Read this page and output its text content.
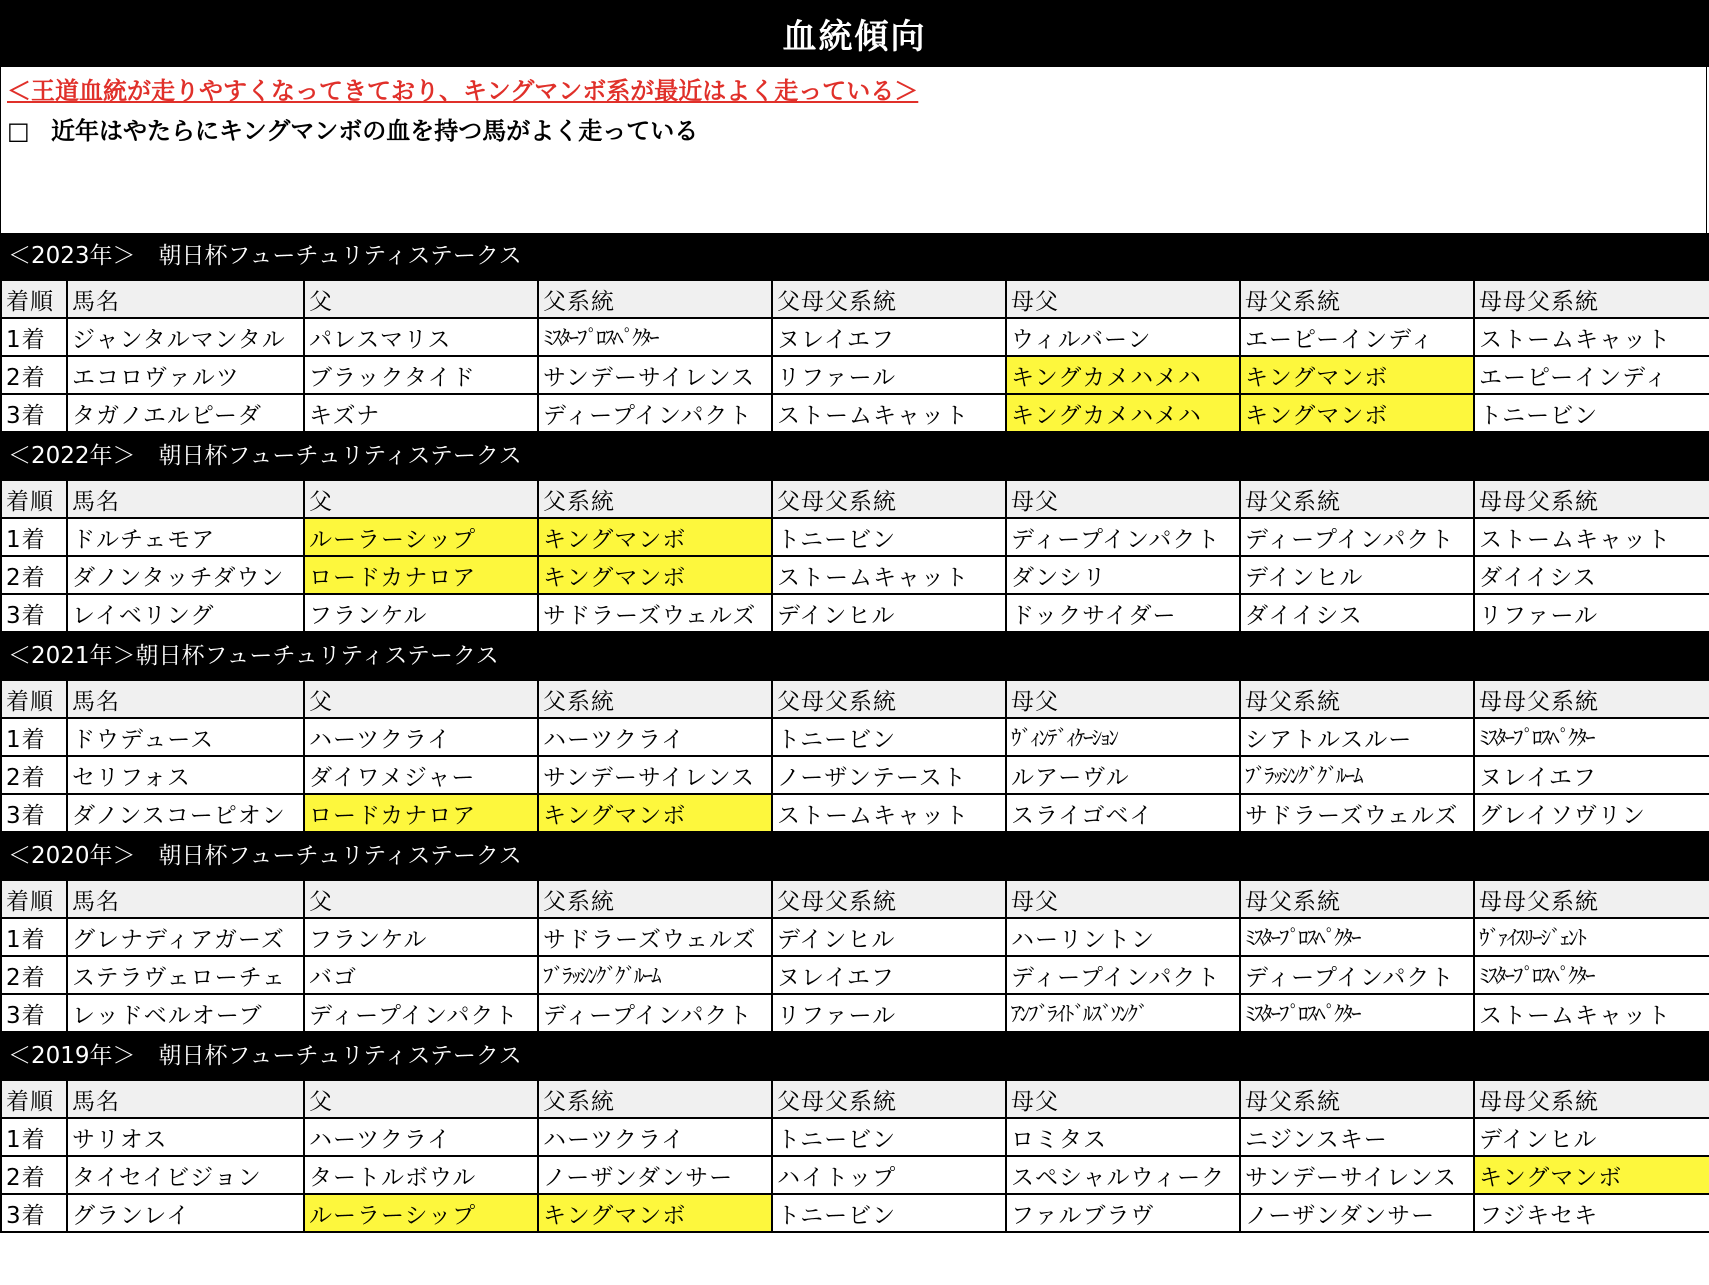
血統傾向
＜王道血統が走りやすくなってきており、キングマンボ系が最近はよく走っている＞
□ 近年はやたらにキングマンボの血を持つ馬がよく走っている
＜2023年＞　朝日杯フューチュリティステークス
着順	馬名	父	父系統	父母父系統	母父	母父系統	母母父系統
1着	ジャンタルマンタル	パレスマリス	ﾐｽﾀｰﾌﾟﾛｽﾍﾟｸﾀｰ	ヌレイエフ	ウィルバーン	エーピーインディ	ストームキャット
2着	エコロヴァルツ	ブラックタイド	サンデーサイレンス	リファール	キングカメハメハ	キングマンボ	エーピーインディ
3着	タガノエルピーダ	キズナ	ディープインパクト	ストームキャット	キングカメハメハ	キングマンボ	トニービン
＜2022年＞　朝日杯フューチュリティステークス
着順	馬名	父	父系統	父母父系統	母父	母父系統	母母父系統
1着	ドルチェモア	ルーラーシップ	キングマンボ	トニービン	ディープインパクト	ディープインパクト	ストームキャット
2着	ダノンタッチダウン	ロードカナロア	キングマンボ	ストームキャット	ダンシリ	デインヒル	ダイイシス
3着	レイベリング	フランケル	サドラーズウェルズ	デインヒル	ドックサイダー	ダイイシス	リファール
＜2021年＞朝日杯フューチュリティステークス
着順	馬名	父	父系統	父母父系統	母父	母父系統	母母父系統
1着	ドウデュース	ハーツクライ	ハーツクライ	トニービン	ｳﾞｨﾝﾃﾞｨｹｰｼｮﾝ	シアトルスルー	ﾐｽﾀｰﾌﾟﾛｽﾍﾟｸﾀｰ
2着	セリフォス	ダイワメジャー	サンデーサイレンス	ノーザンテースト	ルアーヴル	ﾌﾞﾗｯｼﾝｸﾞｸﾞﾙｰﾑ	ヌレイエフ
3着	ダノンスコーピオン	ロードカナロア	キングマンボ	ストームキャット	スライゴベイ	サドラーズウェルズ	グレイソヴリン
＜2020年＞　朝日杯フューチュリティステークス
着順	馬名	父	父系統	父母父系統	母父	母父系統	母母父系統
1着	グレナディアガーズ	フランケル	サドラーズウェルズ	デインヒル	ハーリントン	ﾐｽﾀｰﾌﾟﾛｽﾍﾟｸﾀｰ	ｳﾞｧｲｽﾘｰｼﾞｪﾝﾄ
2着	ステラヴェローチェ	バゴ	ﾌﾞﾗｯｼﾝｸﾞｸﾞﾙｰﾑ	ヌレイエフ	ディープインパクト	ディープインパクト	ﾐｽﾀｰﾌﾟﾛｽﾍﾟｸﾀｰ
3着	レッドベルオーブ	ディープインパクト	ディープインパクト	リファール	ｱﾝﾌﾞﾗｲﾄﾞﾙｽﾞｿﾝｸﾞ	ﾐｽﾀｰﾌﾟﾛｽﾍﾟｸﾀｰ	ストームキャット
＜2019年＞　朝日杯フューチュリティステークス
着順	馬名	父	父系統	父母父系統	母父	母父系統	母母父系統
1着	サリオス	ハーツクライ	ハーツクライ	トニービン	ロミタス	ニジンスキー	デインヒル
2着	タイセイビジョン	タートルボウル	ノーザンダンサー	ハイトップ	スペシャルウィーク	サンデーサイレンス	キングマンボ
3着	グランレイ	ルーラーシップ	キングマンボ	トニービン	ファルブラヴ	ノーザンダンサー	フジキセキ
